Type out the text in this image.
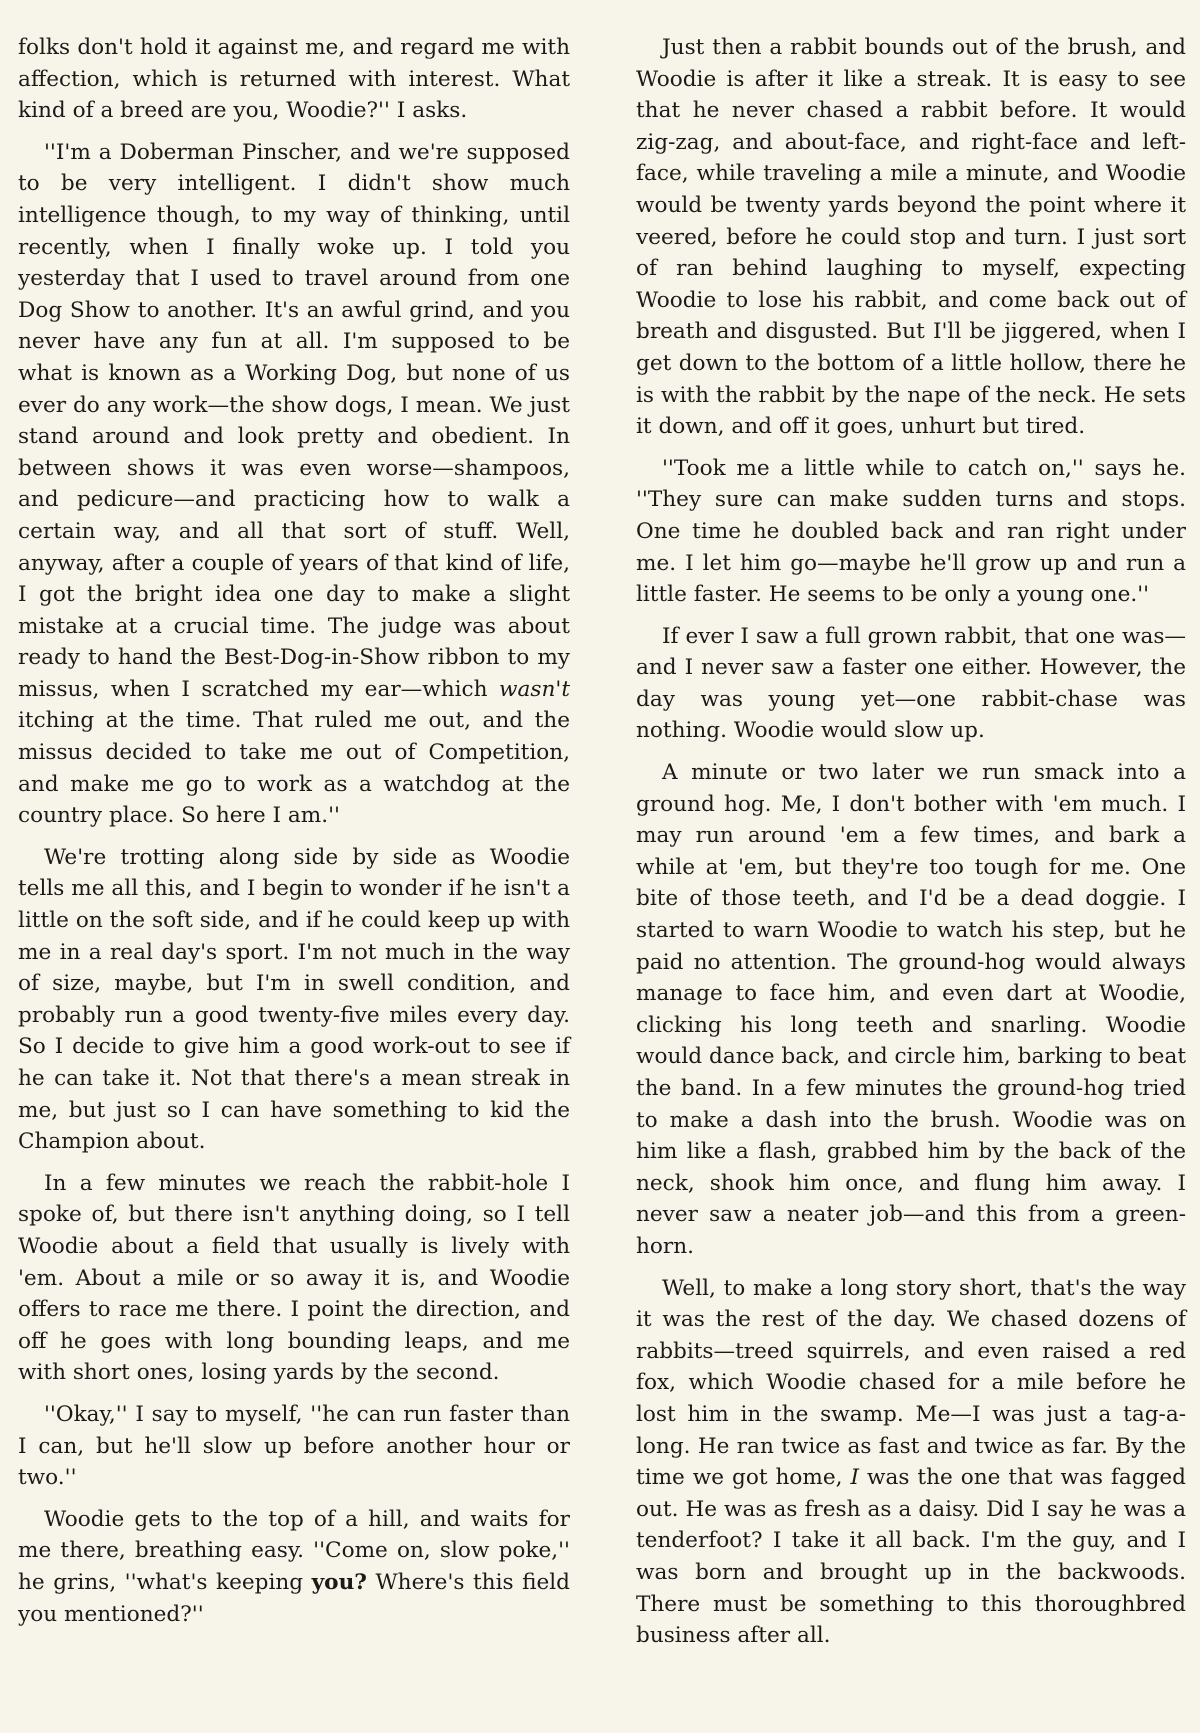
folks don't hold it against me, and regard me with affection, which is returned with interest. What kind of a breed are you, Woodie?'' I asks.

''I'm a Doberman Pinscher, and we're supposed to be very intelligent. I didn't show much intelligence though, to my way of thinking, until recently, when I finally woke up. I told you yesterday that I used to travel around from one Dog Show to another. It's an awful grind, and you never have any fun at all. I'm supposed to be what is known as a Working Dog, but none of us ever do any work—the show dogs, I mean. We just stand around and look pretty and obedient. In between shows it was even worse—shampoos, and pedicure—and practicing how to walk a certain way, and all that sort of stuff. Well, anyway, after a couple of years of that kind of life, I got the bright idea one day to make a slight mistake at a crucial time. The judge was about ready to hand the Best-Dog-in-Show ribbon to my missus, when I scratched my ear—which wasn't itching at the time. That ruled me out, and the missus decided to take me out of Competition, and make me go to work as a watchdog at the country place. So here I am.''

We're trotting along side by side as Woodie tells me all this, and I begin to wonder if he isn't a little on the soft side, and if he could keep up with me in a real day's sport. I'm not much in the way of size, maybe, but I'm in swell condition, and probably run a good twenty-five miles every day. So I decide to give him a good work-out to see if he can take it. Not that there's a mean streak in me, but just so I can have something to kid the Champion about.

In a few minutes we reach the rabbit-hole I spoke of, but there isn't anything doing, so I tell Woodie about a field that usually is lively with 'em. About a mile or so away it is, and Woodie offers to race me there. I point the direction, and off he goes with long bounding leaps, and me with short ones, losing yards by the second.

''Okay,'' I say to myself, ''he can run faster than I can, but he'll slow up before another hour or two.''

Woodie gets to the top of a hill, and waits for me there, breathing easy. ''Come on, slow poke,'' he grins, ''what's keeping you? Where's this field you mentioned?''

Just then a rabbit bounds out of the brush, and Woodie is after it like a streak. It is easy to see that he never chased a rabbit before. It would zig-zag, and about-face, and right-face and left-face, while traveling a mile a minute, and Woodie would be twenty yards beyond the point where it veered, before he could stop and turn. I just sort of ran behind laughing to myself, expecting Woodie to lose his rabbit, and come back out of breath and disgusted. But I'll be jiggered, when I get down to the bottom of a little hollow, there he is with the rabbit by the nape of the neck. He sets it down, and off it goes, unhurt but tired.

''Took me a little while to catch on,'' says he. ''They sure can make sudden turns and stops. One time he doubled back and ran right under me. I let him go—maybe he'll grow up and run a little faster. He seems to be only a young one.''

If ever I saw a full grown rabbit, that one was—and I never saw a faster one either. However, the day was young yet—one rabbit-chase was nothing. Woodie would slow up.

A minute or two later we run smack into a ground hog. Me, I don't bother with 'em much. I may run around 'em a few times, and bark a while at 'em, but they're too tough for me. One bite of those teeth, and I'd be a dead doggie. I started to warn Woodie to watch his step, but he paid no attention. The ground-hog would always manage to face him, and even dart at Woodie, clicking his long teeth and snarling. Woodie would dance back, and circle him, barking to beat the band. In a few minutes the ground-hog tried to make a dash into the brush. Woodie was on him like a flash, grabbed him by the back of the neck, shook him once, and flung him away. I never saw a neater job—and this from a green-horn.

Well, to make a long story short, that's the way it was the rest of the day. We chased dozens of rabbits—treed squirrels, and even raised a red fox, which Woodie chased for a mile before he lost him in the swamp. Me—I was just a tag-a-long. He ran twice as fast and twice as far. By the time we got home, I was the one that was fagged out. He was as fresh as a daisy. Did I say he was a tenderfoot? I take it all back. I'm the guy, and I was born and brought up in the backwoods. There must be something to this thoroughbred business after all.
